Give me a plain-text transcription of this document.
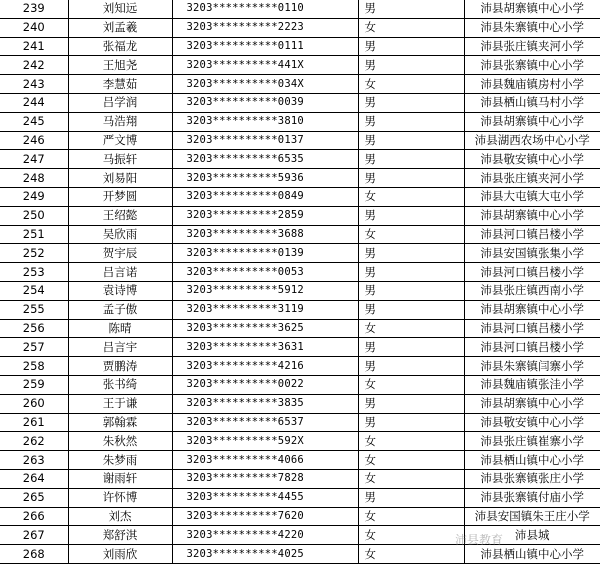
239	刘知远	3203**********0110	男	沛县胡寨镇中心小学
240	刘孟羲	3203**********2223	女	沛县朱寨镇中心小学
241	张福龙	3203**********0111	男	沛县张庄镇夹河小学
242	王旭尧	3203**********441X	男	沛县张寨镇中心小学
243	李慧茹	3203**********034X	女	沛县魏庙镇房村小学
244	吕学润	3203**********0039	男	沛县栖山镇马村小学
245	马浩翔	3203**********3810	男	沛县胡寨镇中心小学
246	严文博	3203**********0137	男	沛县湖西农场中心小学
247	马振轩	3203**********6535	男	沛县敬安镇中心小学
248	刘易阳	3203**********5936	男	沛县张庄镇夹河小学
249	开梦圆	3203**********0849	女	沛县大屯镇大屯小学
250	王绍懿	3203**********2859	男	沛县胡寨镇中心小学
251	吴欣雨	3203**********3688	女	沛县河口镇吕楼小学
252	贺宇辰	3203**********0139	男	沛县安国镇张集小学
253	吕言诺	3203**********0053	男	沛县河口镇吕楼小学
254	袁诗博	3203**********5912	男	沛县张庄镇西南小学
255	孟子傲	3203**********3119	男	沛县胡寨镇中心小学
256	陈晴	3203**********3625	女	沛县河口镇吕楼小学
257	吕言宇	3203**********3631	男	沛县河口镇吕楼小学
258	贾鹏涛	3203**********4216	男	沛县朱寨镇闫寨小学
259	张书绮	3203**********0022	女	沛县魏庙镇张洼小学
260	王于谦	3203**********3835	男	沛县胡寨镇中心小学
261	郭翰霖	3203**********6537	男	沛县敬安镇中心小学
262	朱秋然	3203**********592X	女	沛县张庄镇崔寨小学
263	朱梦雨	3203**********4066	女	沛县栖山镇中心小学
264	谢雨轩	3203**********7828	女	沛县张寨镇张庄小学
265	许怀博	3203**********4455	男	沛县张寨镇付庙小学
266	刘杰	3203**********7620	女	沛县安国镇朱王庄小学
267	郑舒淇	3203**********4220	女	沛县城
268	刘雨欣	3203**********4025	女	沛县栖山镇中心小学
沛县教育
